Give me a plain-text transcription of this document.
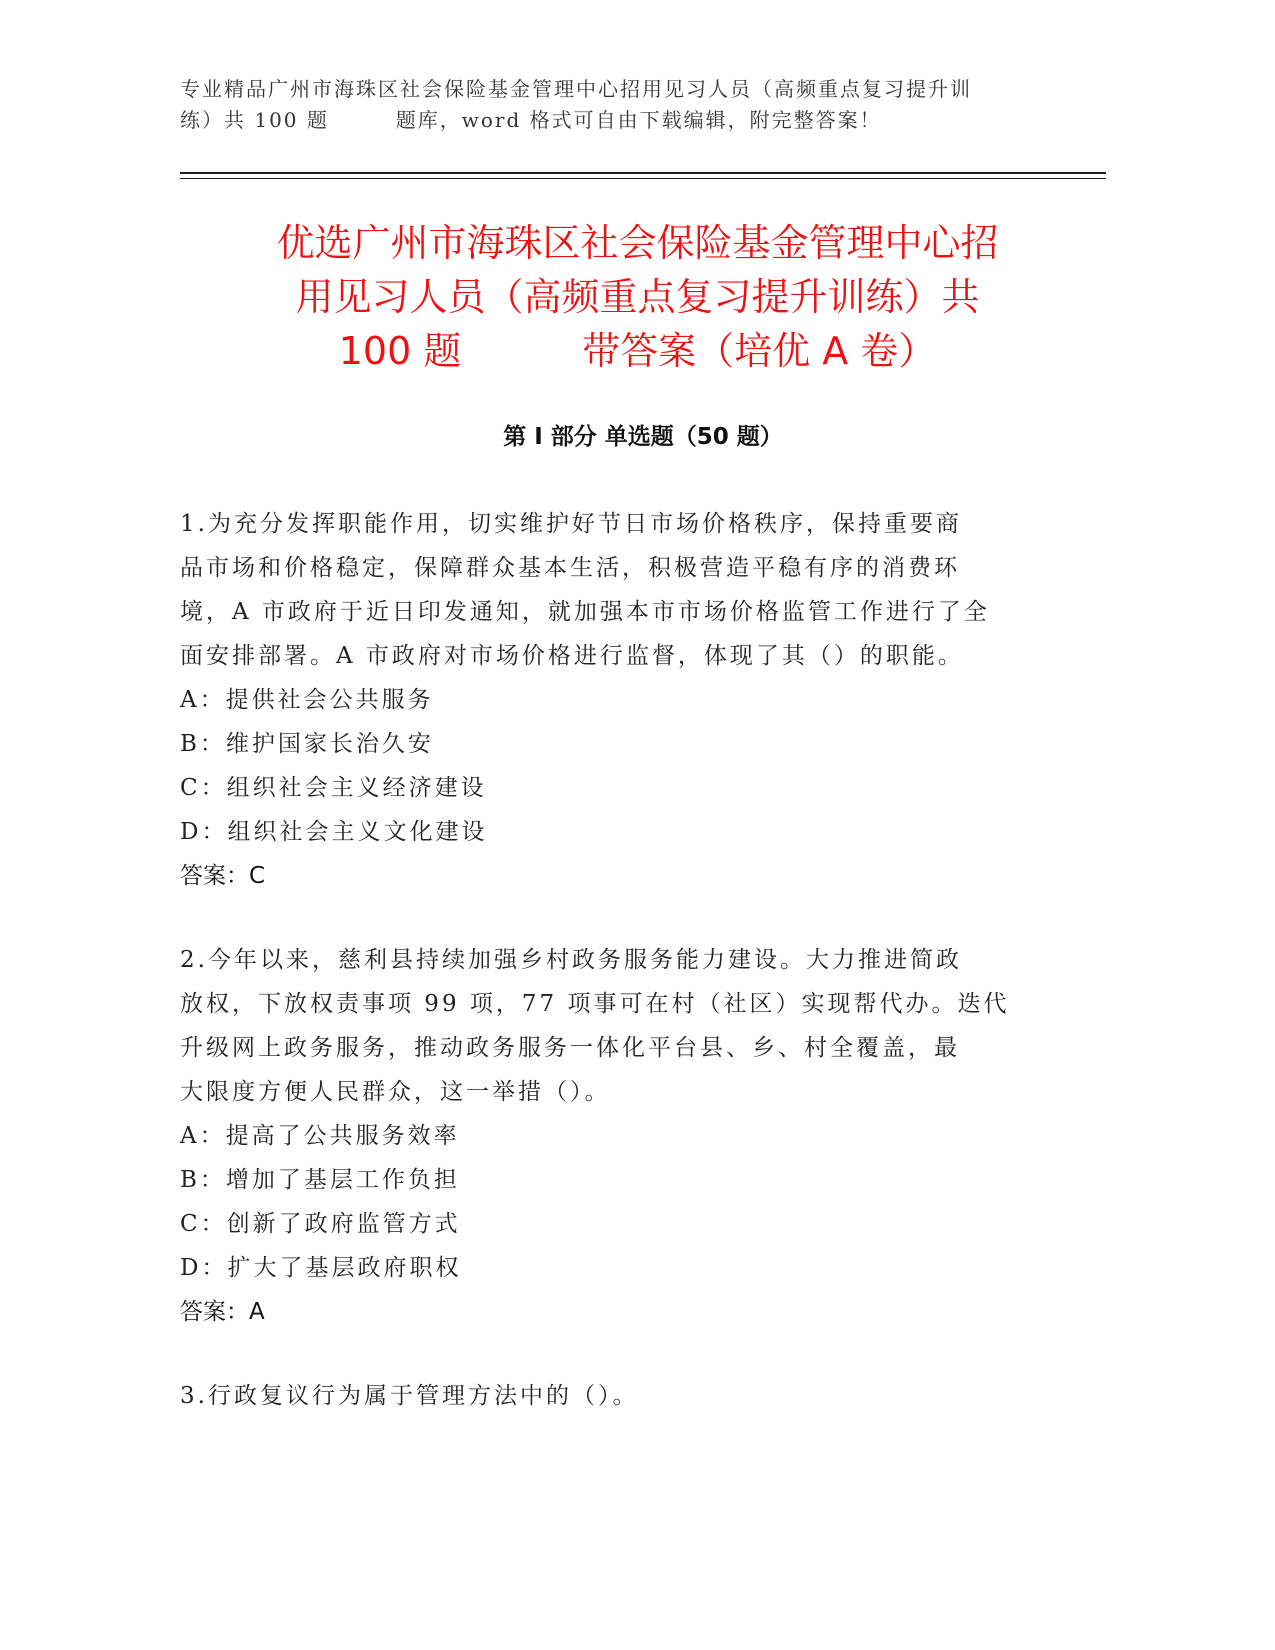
专业精品广州市海珠区社会保险基金管理中心招用见习人员（高频重点复习提升训
练）共 100 题        题库，word 格式可自由下载编辑，附完整答案！
优选广州市海珠区社会保险基金管理中心招
用见习人员（高频重点复习提升训练）共
100 题          带答案（培优 A 卷）
第 I 部分 单选题（50 题）
1.为充分发挥职能作用，切实维护好节日市场价格秩序，保持重要商
品市场和价格稳定，保障群众基本生活，积极营造平稳有序的消费环
境，A 市政府于近日印发通知，就加强本市市场价格监管工作进行了全
面安排部署。A 市政府对市场价格进行监督，体现了其（）的职能。
A：提供社会公共服务
B：维护国家长治久安
C：组织社会主义经济建设
D：组织社会主义文化建设
答案：C
2.今年以来，慈利县持续加强乡村政务服务能力建设。大力推进简政
放权，下放权责事项 99 项，77 项事可在村（社区）实现帮代办。迭代
升级网上政务服务，推动政务服务一体化平台县、乡、村全覆盖，最
大限度方便人民群众，这一举措（）。
A：提高了公共服务效率
B：增加了基层工作负担
C：创新了政府监管方式
D：扩大了基层政府职权
答案：A
3.行政复议行为属于管理方法中的（）。
